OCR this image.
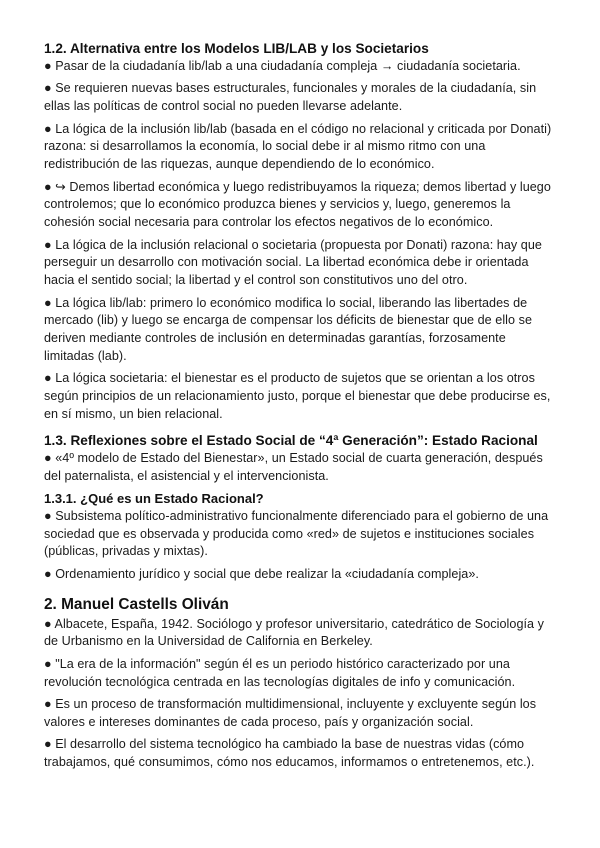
1.2. Alternativa entre los Modelos LIB/LAB y los Societarios

● Pasar de la ciudadanía lib/lab a una ciudadanía compleja → ciudadanía societaria.

● Se requieren nuevas bases estructurales, funcionales y morales de la ciudadanía, sin ellas las políticas de control social no pueden llevarse adelante.

● La lógica de la inclusión lib/lab (basada en el código no relacional y criticada por Donati) razona: si desarrollamos la economía, lo social debe ir al mismo ritmo con una redistribución de las riquezas, aunque dependiendo de lo económico.

● ↪ Demos libertad económica y luego redistribuyamos la riqueza; demos libertad y luego controlemos; que lo económico produzca bienes y servicios y, luego, generemos la cohesión social necesaria para controlar los efectos negativos de lo económico.

● La lógica de la inclusión relacional o societaria (propuesta por Donati) razona: hay que perseguir un desarrollo con motivación social. La libertad económica debe ir orientada hacia el sentido social; la libertad y el control son constitutivos uno del otro.

● La lógica lib/lab: primero lo económico modifica lo social, liberando las libertades de mercado (lib) y luego se encarga de compensar los déficits de bienestar que de ello se deriven mediante controles de inclusión en determinadas garantías, forzosamente limitadas (lab).

● La lógica societaria: el bienestar es el producto de sujetos que se orientan a los otros según principios de un relacionamiento justo, porque el bienestar que debe producirse es, en sí mismo, un bien relacional.

1.3. Reflexiones sobre el Estado Social de “4ª Generación”: Estado Racional

● «4º modelo de Estado del Bienestar», un Estado social de cuarta generación, después del paternalista, el asistencial y el intervencionista.

1.3.1. ¿Qué es un Estado Racional?

● Subsistema político-administrativo funcionalmente diferenciado para el gobierno de una sociedad que es observada y producida como «red» de sujetos e instituciones sociales (públicas, privadas y mixtas).

● Ordenamiento jurídico y social que debe realizar la «ciudadanía compleja».

2. Manuel Castells Oliván

● Albacete, España, 1942. Sociólogo y profesor universitario, catedrático de Sociología y de Urbanismo en la Universidad de California en Berkeley.

● "La era de la información" según él es un periodo histórico caracterizado por una revolución tecnológica centrada en las tecnologías digitales de info y comunicación.

● Es un proceso de transformación multidimensional, incluyente y excluyente según los valores e intereses dominantes de cada proceso, país y organización social.

● El desarrollo del sistema tecnológico ha cambiado la base de nuestras vidas (cómo trabajamos, qué consumimos, cómo nos educamos, informamos o entretenemos, etc.).
